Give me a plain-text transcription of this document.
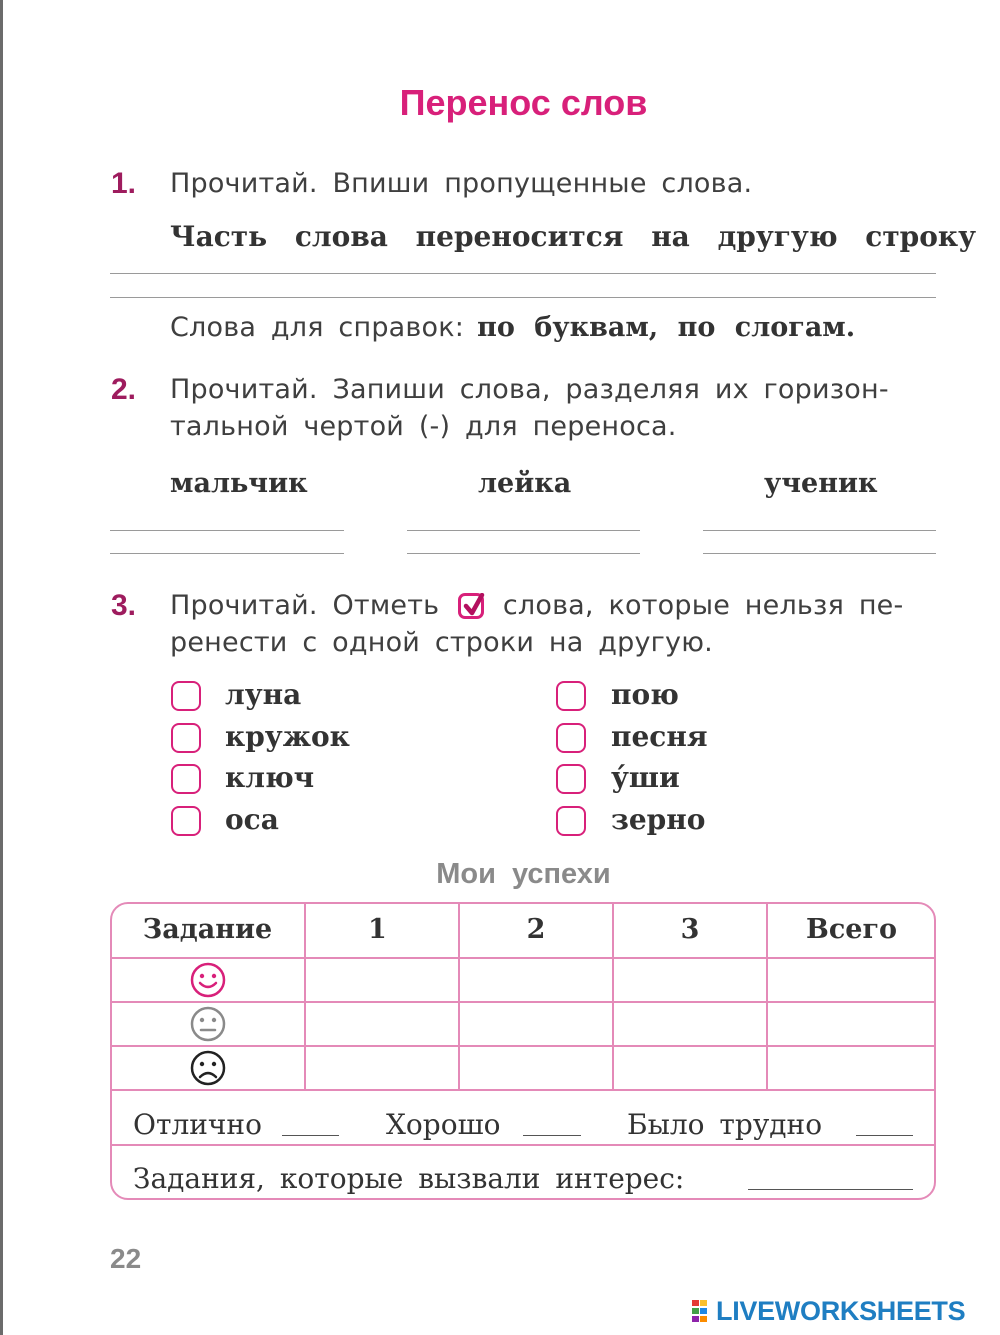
Перенос слов
1. Прочитай. Впиши пропущенные слова.
Часть слова переносится на другую строку
Слова для справок: по буквам, по слогам.
2. Прочитай. Запиши слова, разделяя их горизон-
тальной чертой (-) для переноса.
мальчик	лейка	ученик
3. Прочитай. Отметь слова, которые нельзя пе-
ренести с одной строки на другую.
луна
кружок
ключ
оса
пою
песня
у́ши
зерно
Мои успехи
Задание	1	2	3	Всего
Отлично	Хорошо	Было трудно
Задания, которые вызвали интерес:
22
LIVEWORKSHEETS
